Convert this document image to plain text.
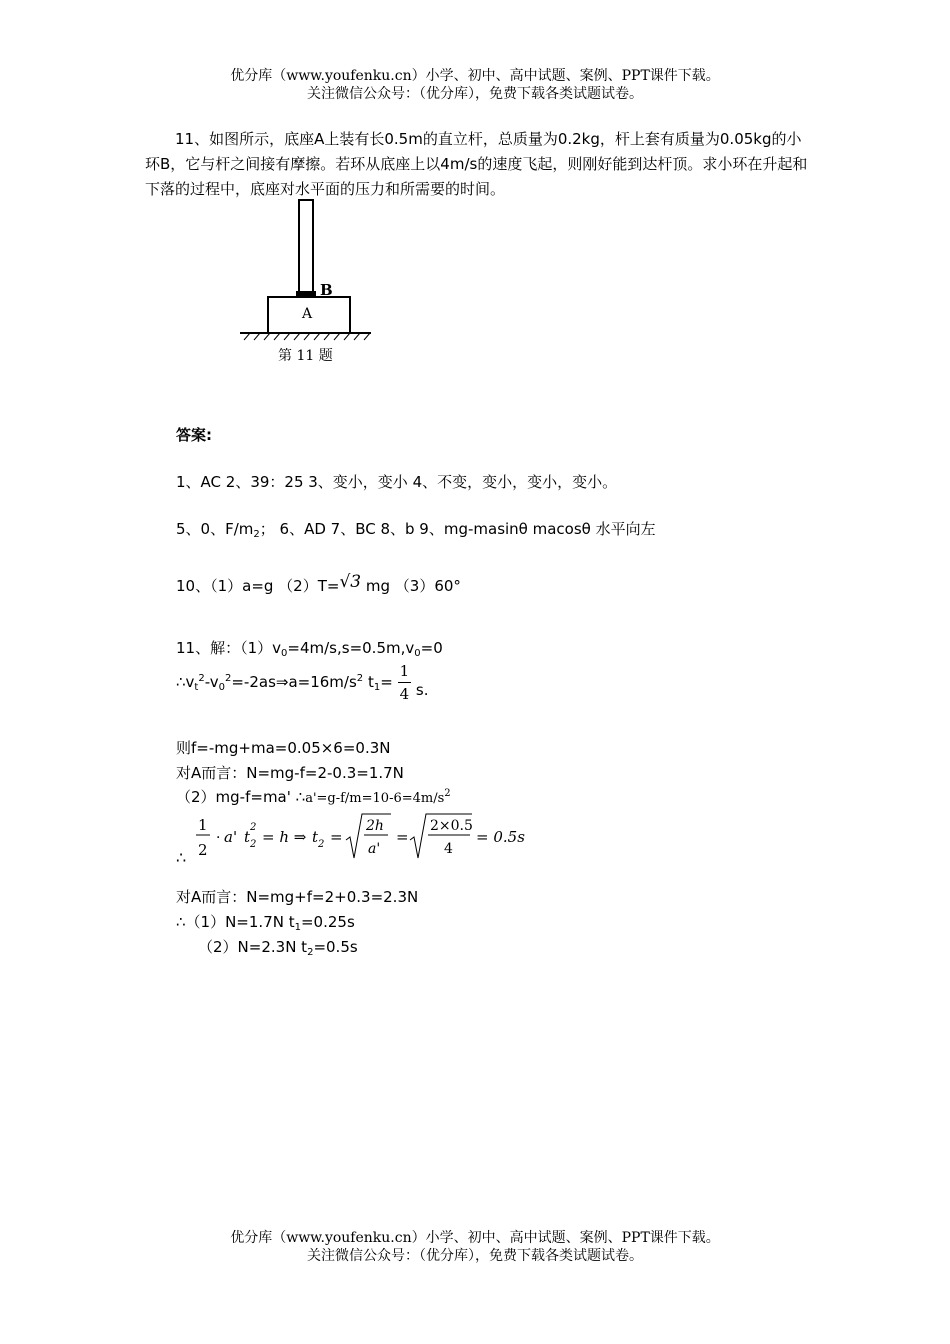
优分库（www.youfenku.cn）小学、初中、高中试题、案例、PPT课件下载。
关注微信公众号：（优分库），免费下载各类试题试卷。
11、如图所示，底座A上装有长0.5m的直立杆，总质量为0.2kg，杆上套有质量为0.05kg的小环B，它与杆之间接有摩擦。若环从底座上以4m/s的速度飞起，则刚好能到达杆顶。求小环在升起和下落的过程中，底座对水平面的压力和所需要的时间。
B
A
第 11 题
答案:
1、AC 2、39：25 3、变小，变小 4、不变，变小，变小，变小。
5、0、$F/m_2$； 6、AD 7、BC 8、b 9、mg-masinθ macosθ 水平向左
10、（1）a=g （2）T=√3 mg （3）60°
11、解：$(1)v_0=4m/s,s=0.5m,v_0=0$
$\therefore v_t^2-v_0^2=-2as\Rightarrow a=16m/s^2$ $t_1= \frac{1}{4} s$.
则f=-mg+ma=0.05×6=0.3N
对A而言：N=mg-f=2-0.3=1.7N
（2）mg-f=ma' $\therefore a'=g-f/m=10-6=4m/s^2$
∴
1
2
· a' t
2
2 = h ⇒ t 2 =
2h
a'
=
2×0.5
4
= 0.5s
对A而言：N=mg+f=2+0.3=2.3N
∴（1）N=1.7N $t_1=0.25s$
（2）N=2.3N $t_2=0.5s$
优分库（www.youfenku.cn）小学、初中、高中试题、案例、PPT课件下载。
关注微信公众号：（优分库），免费下载各类试题试卷。
